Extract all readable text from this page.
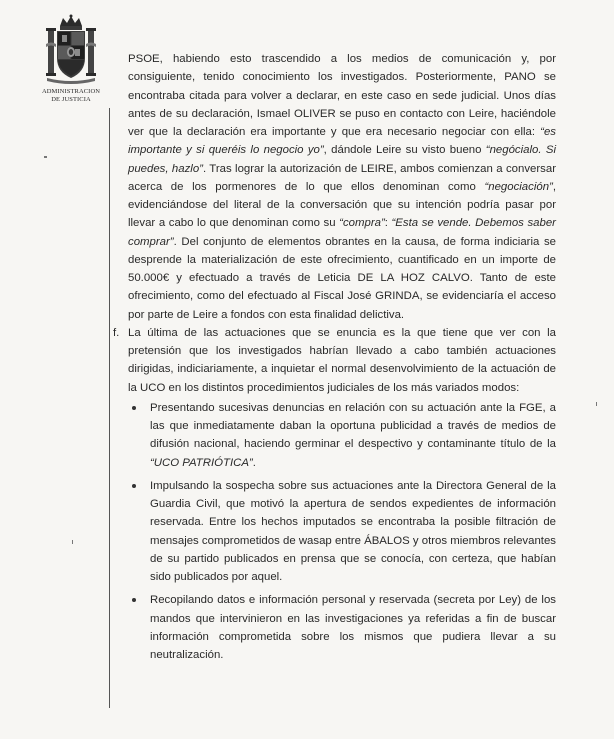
ADMINISTRACION
DE JUSTICIA

PSOE, habiendo esto trascendido a los medios de comunicación y, por consiguiente, tenido conocimiento los investigados. Posteriormente, PANO se encontraba citada para volver a declarar, en este caso en sede judicial. Unos días antes de su declaración, Ismael OLIVER se puso en contacto con Leire, haciéndole ver que la declaración era importante y que era necesario negociar con ella: “es importante y si queréis lo negocio yo”, dándole Leire su visto bueno “negócialo. Si puedes, hazlo”. Tras lograr la autorización de LEIRE, ambos comienzan a conversar acerca de los pormenores de lo que ellos denominan como “negociación”, evidenciándose del literal de la conversación que su intención podría pasar por llevar a cabo lo que denominan como su “compra”: “Esta se vende. Debemos saber comprar”. Del conjunto de elementos obrantes en la causa, de forma indiciaria se desprende la materialización de este ofrecimiento, cuantificado en un importe de 50.000€ y efectuado a través de Leticia DE LA HOZ CALVO. Tanto de este ofrecimiento, como del efectuado al Fiscal José GRINDA, se evidenciaría el acceso por parte de Leire a fondos con esta finalidad delictiva.

f. La última de las actuaciones que se enuncia es la que tiene que ver con la pretensión que los investigados habrían llevado a cabo también actuaciones dirigidas, indiciariamente, a inquietar el normal desenvolvimiento de la actuación de la UCO en los distintos procedimientos judiciales de los más variados modos:

Presentando sucesivas denuncias en relación con su actuación ante la FGE, a las que inmediatamente daban la oportuna publicidad a través de medios de difusión nacional, haciendo germinar el despectivo y contaminante título de la “UCO PATRIÓTICA”.

Impulsando la sospecha sobre sus actuaciones ante la Directora General de la Guardia Civil, que motivó la apertura de sendos expedientes de información reservada. Entre los hechos imputados se encontraba la posible filtración de mensajes comprometidos de wasap entre ÁBALOS y otros miembros relevantes de su partido publicados en prensa que se conocía, con certeza, que habían sido publicados por aquel.

Recopilando datos e información personal y reservada (secreta por Ley) de los mandos que intervinieron en las investigaciones ya referidas a fin de buscar información comprometida sobre los mismos que pudiera llevar a su neutralización.
